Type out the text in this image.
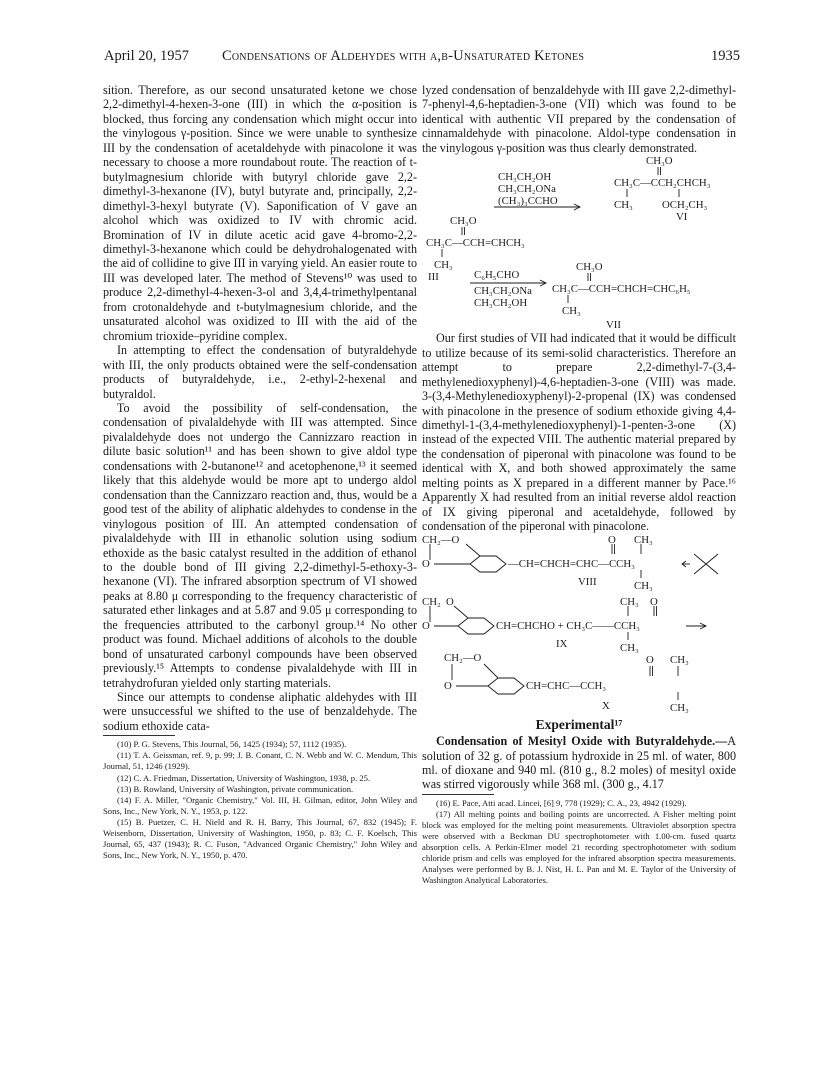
April 20, 1957 Condensations of Aldehydes with α,β-Unsaturated Ketones	1935

sition. Therefore, as our second unsaturated ketone we chose 2,2-dimethyl-4-hexen-3-one (III) in which the α-position is blocked, thus forcing any condensation which might occur into the vinylogous γ-position. Since we were unable to synthesize III by the condensation of acetaldehyde with pinacolone it was necessary to choose a more roundabout route. The reaction of t-butylmagnesium chloride with butyryl chloride gave 2,2-dimethyl-3-hexanone (IV), butyl butyrate and, principally, 2,2-dimethyl-3-hexyl butyrate (V). Saponification of V gave an alcohol which was oxidized to IV with chromic acid. Bromination of IV in dilute acetic acid gave 4-bromo-2,2-dimethyl-3-hexanone which could be dehydrohalogenated with the aid of collidine to give III in varying yield. An easier route to III was developed later. The method of Stevens¹⁰ was used to produce 2,2-dimethyl-4-hexen-3-ol and 3,4,4-trimethylpentanal from crotonaldehyde and t-butylmagnesium chloride, and the unsaturated alcohol was oxidized to III with the aid of the chromium trioxide–pyridine complex.

In attempting to effect the condensation of butyraldehyde with III, the only products obtained were the self-condensation products of butyraldehyde, i.e., 2-ethyl-2-hexenal and butyraldol.

To avoid the possibility of self-condensation, the condensation of pivalaldehyde with III was attempted. Since pivalaldehyde does not undergo the Cannizzaro reaction in dilute basic solution¹¹ and has been shown to give aldol type condensations with 2-butanone¹² and acetophenone,¹³ it seemed likely that this aldehyde would be more apt to undergo aldol condensation than the Cannizzaro reaction and, thus, would be a good test of the ability of aliphatic aldehydes to condense in the vinylogous position of III. An attempted condensation of pivalaldehyde with III in ethanolic solution using sodium ethoxide as the basic catalyst resulted in the addition of ethanol to the double bond of III giving 2,2-dimethyl-5-ethoxy-3-hexanone (VI). The infrared absorption spectrum of VI showed peaks at 8.80 μ corresponding to the frequency characteristic of saturated ether linkages and at 5.87 and 9.05 μ corresponding to the frequencies attributed to the carbonyl group.¹⁴ No other product was found. Michael additions of alcohols to the double bond of unsaturated carbonyl compounds have been observed previously.¹⁵ Attempts to condense pivalaldehyde with III in tetrahydrofuran yielded only starting materials.

Since our attempts to condense aliphatic aldehydes with III were unsuccessful we shifted to the use of benzaldehyde. The sodium ethoxide cata-

(10) P. G. Stevens, This Journal, 56, 1425 (1934); 57, 1112 (1935).

(11) T. A. Geissman, ref. 9, p. 99; J. B. Conant, C. N. Webb and W. C. Mendum, This Journal, 51, 1246 (1929).

(12) C. A. Friedman, Dissertation, University of Washington, 1938, p. 25.

(13) B. Rowland, University of Washington, private communication.

(14) F. A. Miller, "Organic Chemistry," Vol. III, H. Gilman, editor, John Wiley and Sons, Inc., New York, N. Y., 1953, p. 122.

(15) B. Puetzer, C. H. Nield and R. H. Barry, This Journal, 67, 832 (1945); F. Weisenborn, Dissertation, University of Washington, 1950, p. 83; C. F. Koelsch, This Journal, 65, 437 (1943); R. C. Fuson, "Advanced Organic Chemistry," John Wiley and Sons, Inc., New York, N. Y., 1950, p. 470.

lyzed condensation of benzaldehyde with III gave 2,2-dimethyl-7-phenyl-4,6-heptadien-3-one (VII) which was found to be identical with authentic VII prepared by the condensation of cinnamaldehyde with pinacolone. Aldol-type condensation in the vinylogous γ-position was thus clearly demonstrated.

CH₃O
CH₃C—CCH₂CHCH₃
CH₃	OCH₂CH₃
VI
CH₃CH₂OH
CH₃CH₂ONa
(CH₃)₃CCHO
CH₃O
CH₃C—CCH=CHCH₃
CH₃
III	C₆H₅CHO
CH₃CH₂ONa
CH₃CH₂OH
CH₃O
CH₃C—CCH=CHCH=CHC₆H₅
CH₃
VII

Our first studies of VII had indicated that it would be difficult to utilize because of its semi-solid characteristics. Therefore an attempt to prepare 2,2-dimethyl-7-(3,4-methylenedioxyphenyl)-4,6-heptadien-3-one (VIII) was made. 3-(3,4-Methylenedioxyphenyl)-2-propenal (IX) was condensed with pinacolone in the presence of sodium ethoxide giving 4,4-dimethyl-1-(3,4-methylenedioxyphenyl)-1-penten-3-one (X) instead of the expected VIII. The authentic material prepared by the condensation of piperonal with pinacolone was found to be identical with X, and both showed approximately the same melting points as X prepared in a different manner by Pace.¹⁶ Apparently X had resulted from an initial reverse aldol reaction of IX giving piperonal and acetaldehyde, followed by condensation of the piperonal with pinacolone.

CH₂—O
O	—CH=CHCH=CHC—CCH₃
O CH₃
CH₃
VIII
CH₂ O
O	CH=CHCHO + CH₃C——CCH₃
CH₃ O
CH₃
IX
CH₂—O
O	CH=CHC—CCH₃
O CH₃
CH₃
X
Experimental¹⁷

Condensation of Mesityl Oxide with Butyraldehyde.—A solution of 32 g. of potassium hydroxide in 25 ml. of water, 800 ml. of dioxane and 940 ml. (810 g., 8.2 moles) of mesityl oxide was stirred vigorously while 368 ml. (300 g., 4.17

(16) E. Pace, Atti acad. Lincei, [6] 9, 778 (1929); C. A., 23, 4942 (1929).

(17) All melting points and boiling points are uncorrected. A Fisher melting point block was employed for the melting point measurements. Ultraviolet absorption spectra were observed with a Beckman DU spectrophotometer with 1.00-cm. fused quartz absorption cells. A Perkin-Elmer model 21 recording spectrophotometer with sodium chloride prism and cells was employed for the infrared absorption spectra measurements. Analyses were performed by B. J. Nist, H. L. Pan and M. E. Taylor of the University of Washington Analytical Laboratories.
